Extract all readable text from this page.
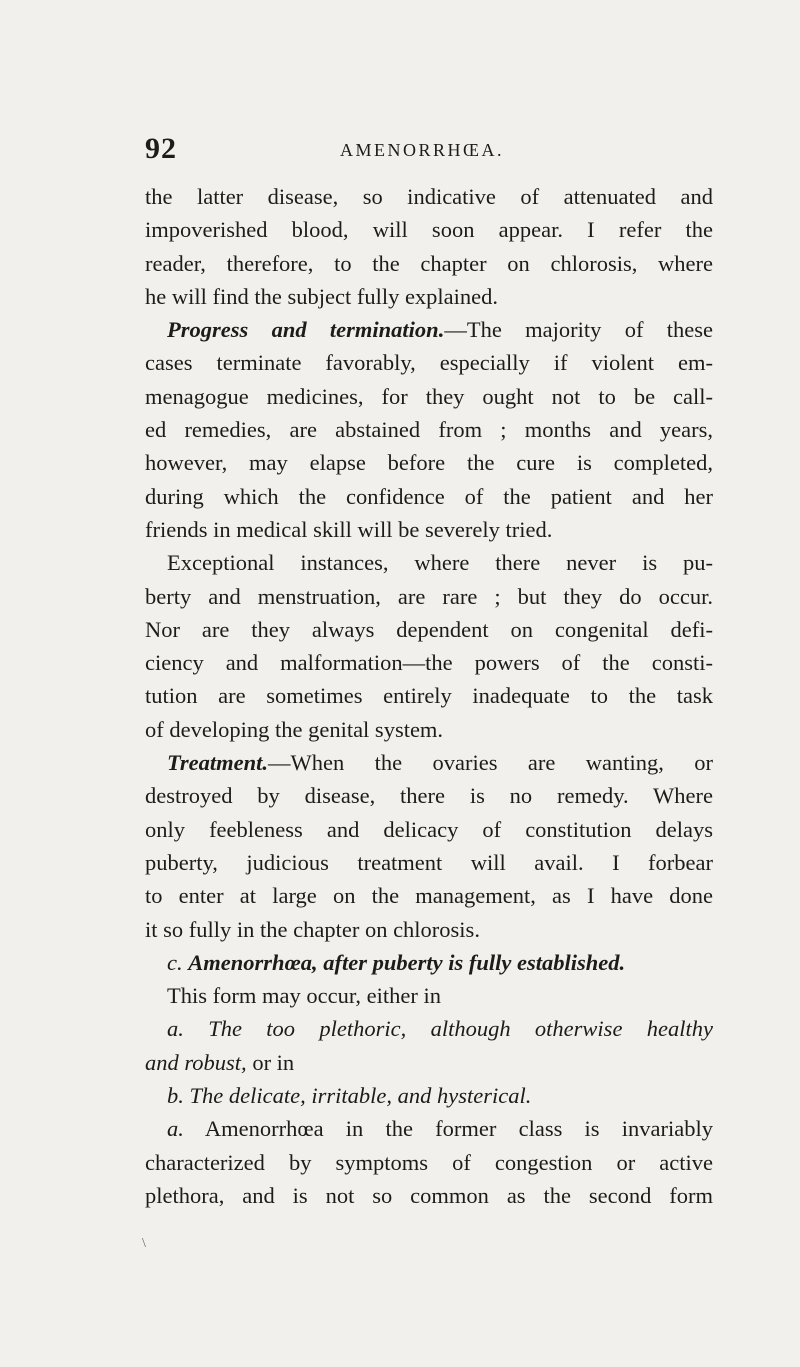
92	AMENORRHŒA.
the latter disease, so indicative of attenuated and
impoverished blood, will soon appear. I refer the
reader, therefore, to the chapter on chlorosis, where
he will find the subject fully explained.
Progress and termination.—The majority of these
cases terminate favorably, especially if violent em-
menagogue medicines, for they ought not to be call-
ed remedies, are abstained from ; months and years,
however, may elapse before the cure is completed,
during which the confidence of the patient and her
friends in medical skill will be severely tried.
Exceptional instances, where there never is pu-
berty and menstruation, are rare ; but they do occur.
Nor are they always dependent on congenital defi-
ciency and malformation—the powers of the consti-
tution are sometimes entirely inadequate to the task
of developing the genital system.
Treatment.—When the ovaries are wanting, or
destroyed by disease, there is no remedy. Where
only feebleness and delicacy of constitution delays
puberty, judicious treatment will avail. I forbear
to enter at large on the management, as I have done
it so fully in the chapter on chlorosis.
c. Amenorrhœa, after puberty is fully established.
This form may occur, either in
a. The too plethoric, although otherwise healthy
and robust, or in
b. The delicate, irritable, and hysterical.
a. Amenorrhœa in the former class is invariably
characterized by symptoms of congestion or active
plethora, and is not so common as the second form
\
